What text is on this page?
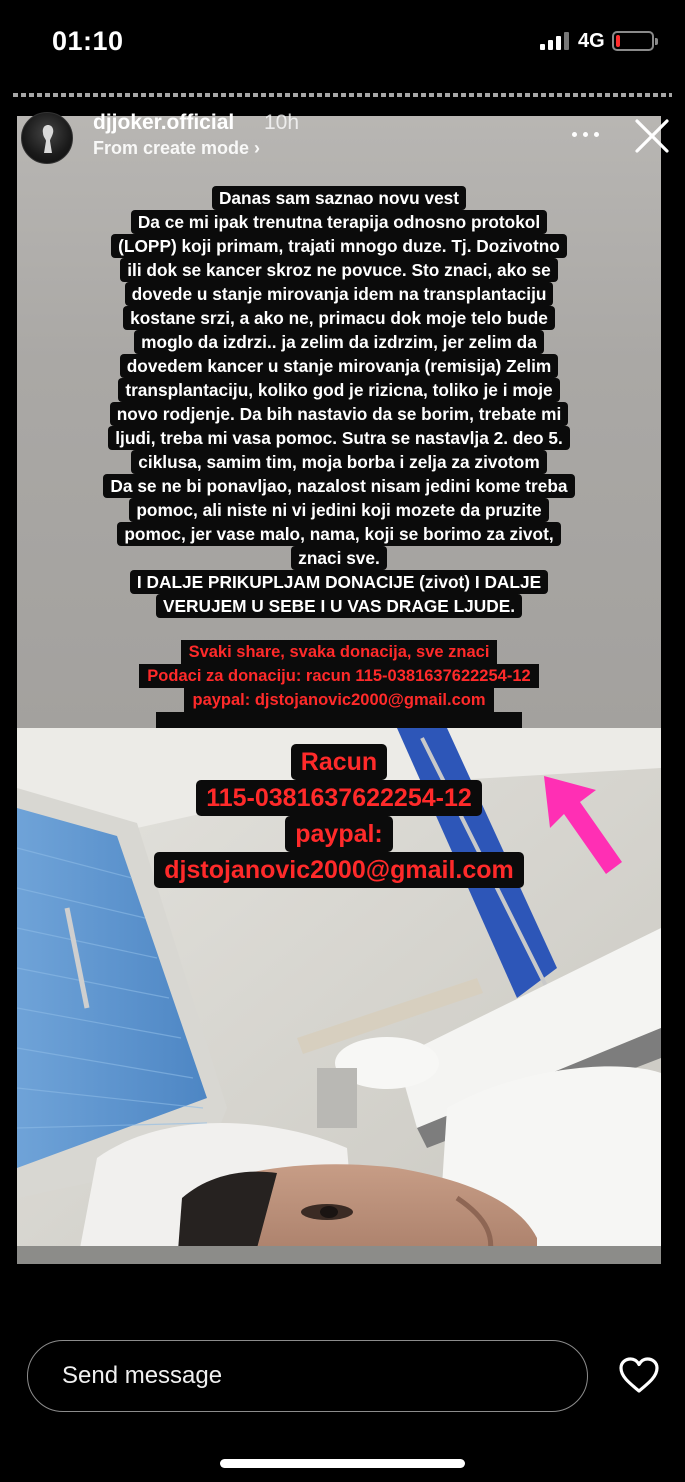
01:10	4G
djjoker.official 10h
From create mode ›
Danas sam saznao novu vest
Da ce mi ipak trenutna terapija odnosno protokol
(LOPP) koji primam, trajati mnogo duze. Tj. Dozivotno
ili dok se kancer skroz ne povuce. Sto znaci, ako se
dovede u stanje mirovanja idem na transplantaciju
kostane srzi, a ako ne, primacu dok moje telo bude
moglo da izdrzi.. ja zelim da izdrzim, jer zelim da
dovedem kancer u stanje mirovanja (remisija) Zelim
transplantaciju, koliko god je rizicna, toliko je i moje
novo rodjenje. Da bih nastavio da se borim, trebate mi
ljudi, treba mi vasa pomoc. Sutra se nastavlja 2. deo 5.
ciklusa, samim tim, moja borba i zelja za zivotom
Da se ne bi ponavljao, nazalost nisam jedini kome treba
pomoc, ali niste ni vi jedini koji mozete da pruzite
pomoc, jer vase malo, nama, koji se borimo za zivot,
znaci sve.
I DALJE PRIKUPLJAM DONACIJE (zivot) I DALJE
VERUJEM U SEBE I U VAS DRAGE LJUDE.
Svaki share, svaka donacija, sve znaci
Podaci za donaciju: racun 115-0381637622254-12
paypal: djstojanovic2000@gmail.com
Racun
115-0381637622254-12
paypal:
djstojanovic2000@gmail.com
Send message
